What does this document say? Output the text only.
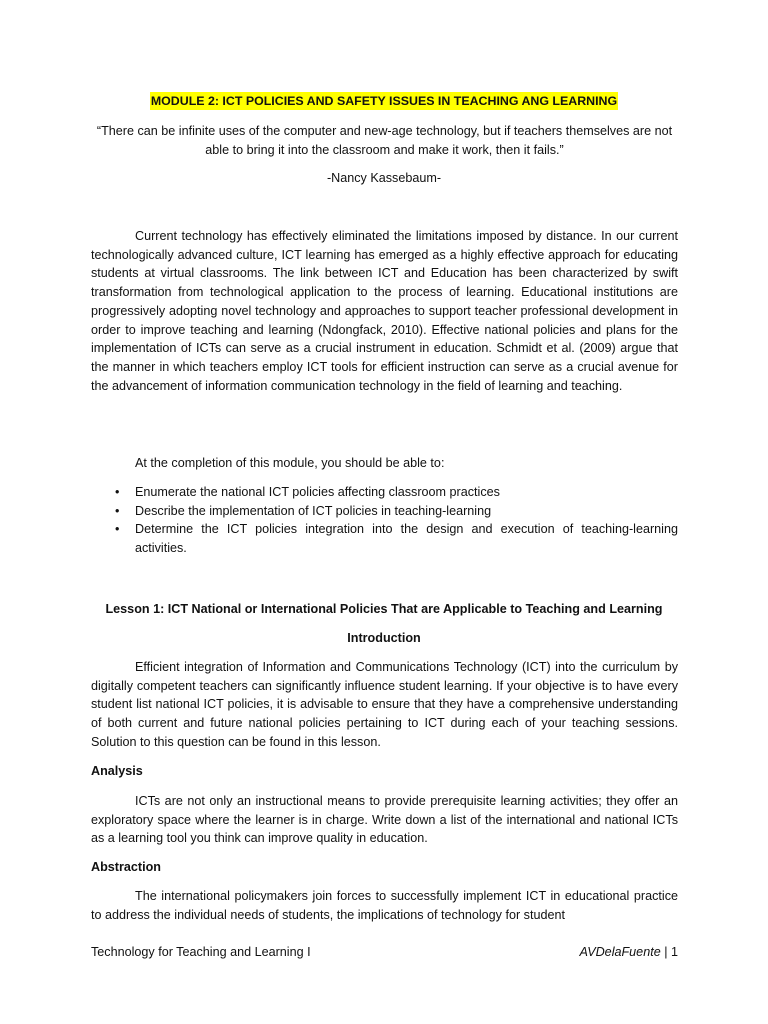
MODULE 2: ICT POLICIES AND SAFETY ISSUES IN TEACHING ANG LEARNING
“There can be infinite uses of the computer and new-age technology, but if teachers themselves are not able to bring it into the classroom and make it work, then it fails.”
-Nancy Kassebaum-

Current technology has effectively eliminated the limitations imposed by distance. In our current technologically advanced culture, ICT learning has emerged as a highly effective approach for educating students at virtual classrooms. The link between ICT and Education has been characterized by swift transformation from technological application to the process of learning. Educational institutions are progressively adopting novel technology and approaches to support teacher professional development in order to improve teaching and learning (Ndongfack, 2010). Effective national policies and plans for the implementation of ICTs can serve as a crucial instrument in education. Schmidt et al. (2009) argue that the manner in which teachers employ ICT tools for efficient instruction can serve as a crucial avenue for the advancement of information communication technology in the field of learning and teaching.

At the completion of this module, you should be able to:
• Enumerate the national ICT policies affecting classroom practices
• Describe the implementation of ICT policies in teaching-learning
• Determine the ICT policies integration into the design and execution of teaching-learning activities.
Lesson 1: ICT National or International Policies That are Applicable to Teaching and Learning
Introduction

Efficient integration of Information and Communications Technology (ICT) into the curriculum by digitally competent teachers can significantly influence student learning. If your objective is to have every student list national ICT policies, it is advisable to ensure that they have a comprehensive understanding of both current and future national policies pertaining to ICT during each of your teaching sessions. Solution to this question can be found in this lesson.

Analysis

ICTs are not only an instructional means to provide prerequisite learning activities; they offer an exploratory space where the learner is in charge. Write down a list of the international and national ICTs as a learning tool you think can improve quality in education.

Abstraction

The international policymakers join forces to successfully implement ICT in educational practice to address the individual needs of students, the implications of technology for student

Technology for Teaching and Learning I	AVDelaFuente | 1
